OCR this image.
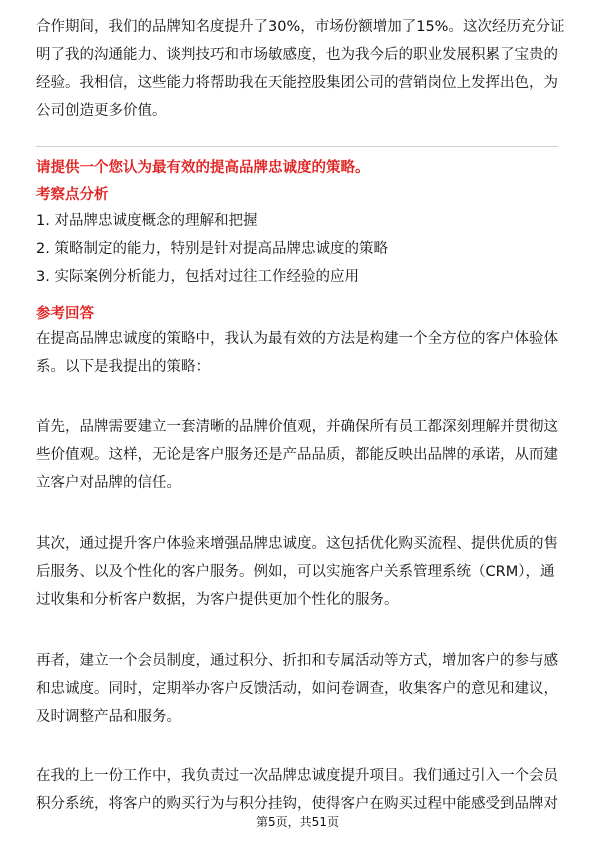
合作期间，我们的品牌知名度提升了30%，市场份额增加了15%。这次经历充分证
明了我的沟通能力、谈判技巧和市场敏感度，也为我今后的职业发展积累了宝贵的
经验。我相信，这些能力将帮助我在天能控股集团公司的营销岗位上发挥出色，为
公司创造更多价值。
请提供一个您认为最有效的提高品牌忠诚度的策略。
考察点分析
1. 对品牌忠诚度概念的理解和把握
2. 策略制定的能力，特别是针对提高品牌忠诚度的策略
3. 实际案例分析能力，包括对过往工作经验的应用
参考回答
在提高品牌忠诚度的策略中，我认为最有效的方法是构建一个全方位的客户体验体
系。以下是我提出的策略：
首先，品牌需要建立一套清晰的品牌价值观，并确保所有员工都深刻理解并贯彻这
些价值观。这样，无论是客户服务还是产品品质，都能反映出品牌的承诺，从而建
立客户对品牌的信任。
其次，通过提升客户体验来增强品牌忠诚度。这包括优化购买流程、提供优质的售
后服务、以及个性化的客户服务。例如，可以实施客户关系管理系统（CRM），通
过收集和分析客户数据，为客户提供更加个性化的服务。
再者，建立一个会员制度，通过积分、折扣和专属活动等方式，增加客户的参与感
和忠诚度。同时，定期举办客户反馈活动，如问卷调查，收集客户的意见和建议，
及时调整产品和服务。
在我的上一份工作中，我负责过一次品牌忠诚度提升项目。我们通过引入一个会员
积分系统，将客户的购买行为与积分挂钩，使得客户在购买过程中能感受到品牌对
第5页，共51页
